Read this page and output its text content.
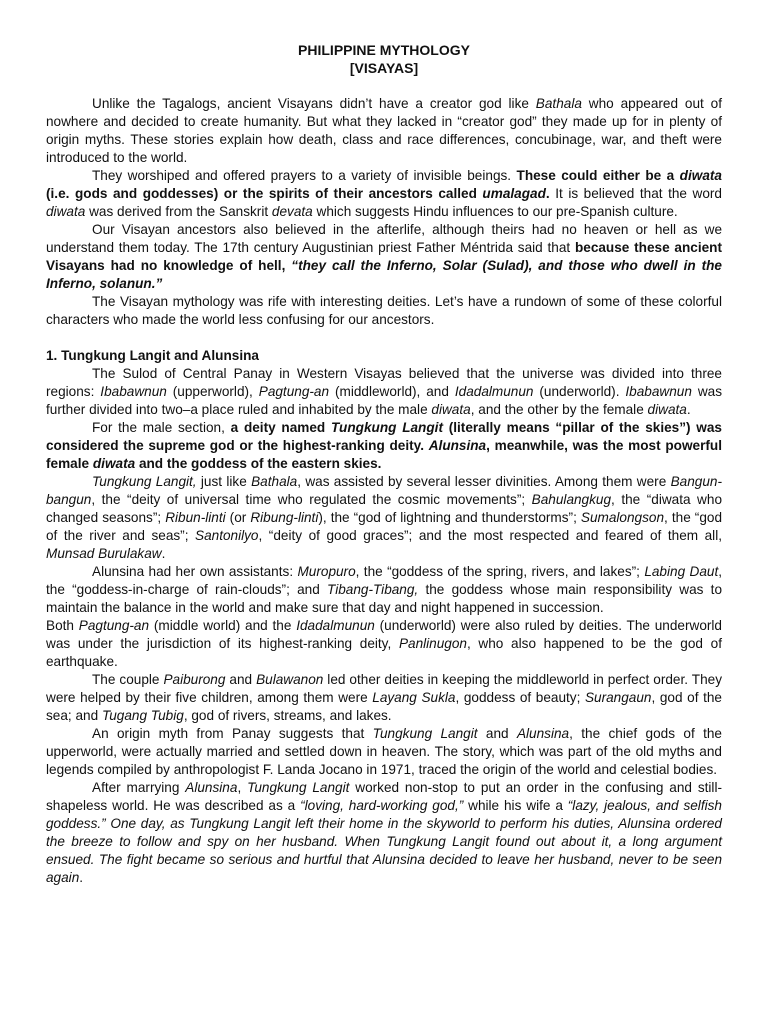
PHILIPPINE MYTHOLOGY
[VISAYAS]

Unlike the Tagalogs, ancient Visayans didn’t have a creator god like Bathala who appeared out of nowhere and decided to create humanity. But what they lacked in “creator god” they made up for in plenty of origin myths. These stories explain how death, class and race differences, concubinage, war, and theft were introduced to the world.

They worshiped and offered prayers to a variety of invisible beings. These could either be a diwata (i.e. gods and goddesses) or the spirits of their ancestors called umalagad. It is believed that the word diwata was derived from the Sanskrit devata which suggests Hindu influences to our pre-Spanish culture.

Our Visayan ancestors also believed in the afterlife, although theirs had no heaven or hell as we understand them today. The 17th century Augustinian priest Father Méntrida said that because these ancient Visayans had no knowledge of hell, “they call the Inferno, Solar (Sulad), and those who dwell in the Inferno, solanun.”

The Visayan mythology was rife with interesting deities. Let’s have a rundown of some of these colorful characters who made the world less confusing for our ancestors.

1. Tungkung Langit and Alunsina

The Sulod of Central Panay in Western Visayas believed that the universe was divided into three regions: Ibabawnun (upperworld), Pagtung-an (middleworld), and Idadalmunun (underworld). Ibabawnun was further divided into two–a place ruled and inhabited by the male diwata, and the other by the female diwata.

For the male section, a deity named Tungkung Langit (literally means “pillar of the skies”) was considered the supreme god or the highest-ranking deity. Alunsina, meanwhile, was the most powerful female diwata and the goddess of the eastern skies.

Tungkung Langit, just like Bathala, was assisted by several lesser divinities. Among them were Bangun-bangun, the “deity of universal time who regulated the cosmic movements”; Bahulangkug, the “diwata who changed seasons”; Ribun-linti (or Ribung-linti), the “god of lightning and thunderstorms”; Sumalongson, the “god of the river and seas”; Santonilyo, “deity of good graces”; and the most respected and feared of them all, Munsad Burulakaw.

Alunsina had her own assistants: Muropuro, the “goddess of the spring, rivers, and lakes”; Labing Daut, the “goddess-in-charge of rain-clouds”; and Tibang-Tibang, the goddess whose main responsibility was to maintain the balance in the world and make sure that day and night happened in succession.

Both Pagtung-an (middle world) and the Idadalmunun (underworld) were also ruled by deities. The underworld was under the jurisdiction of its highest-ranking deity, Panlinugon, who also happened to be the god of earthquake.

The couple Paiburong and Bulawanon led other deities in keeping the middleworld in perfect order. They were helped by their five children, among them were Layang Sukla, goddess of beauty; Surangaun, god of the sea; and Tugang Tubig, god of rivers, streams, and lakes.

An origin myth from Panay suggests that Tungkung Langit and Alunsina, the chief gods of the upperworld, were actually married and settled down in heaven. The story, which was part of the old myths and legends compiled by anthropologist F. Landa Jocano in 1971, traced the origin of the world and celestial bodies.

After marrying Alunsina, Tungkung Langit worked non-stop to put an order in the confusing and still-shapeless world. He was described as a “loving, hard-working god,” while his wife a “lazy, jealous, and selfish goddess.” One day, as Tungkung Langit left their home in the skyworld to perform his duties, Alunsina ordered the breeze to follow and spy on her husband. When Tungkung Langit found out about it, a long argument ensued. The fight became so serious and hurtful that Alunsina decided to leave her husband, never to be seen again.
